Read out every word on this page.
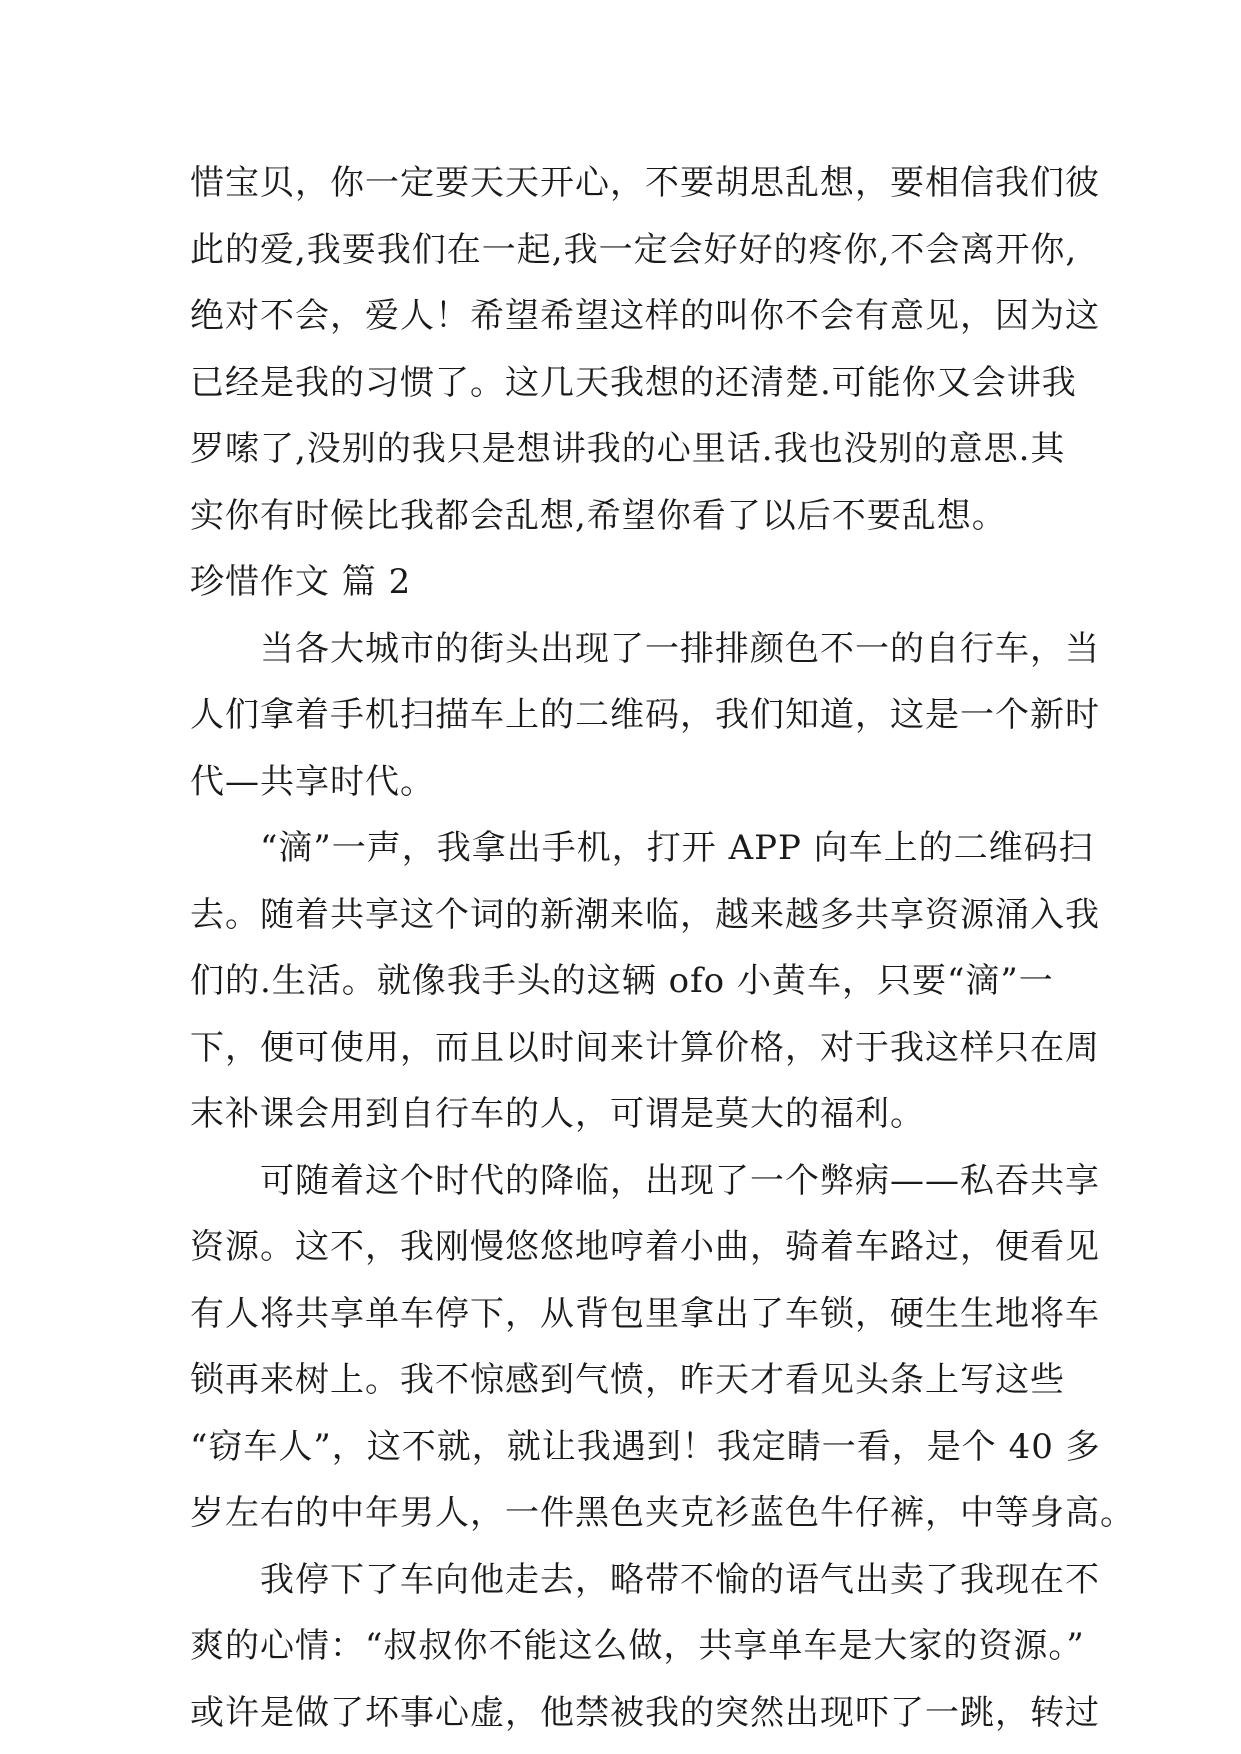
惜宝贝，你一定要天天开心，不要胡思乱想，要相信我们彼
此的爱,我要我们在一起,我一定会好好的疼你,不会离开你,
绝对不会，爱人！希望希望这样的叫你不会有意见，因为这
已经是我的习惯了。这几天我想的还清楚.可能你又会讲我
罗嗦了,没别的我只是想讲我的心里话.我也没别的意思.其
实你有时候比我都会乱想,希望你看了以后不要乱想。
珍惜作文 篇 2
当各大城市的街头出现了一排排颜色不一的自行车，当
人们拿着手机扫描车上的二维码，我们知道，这是一个新时
代—共享时代。
“滴”一声，我拿出手机，打开 APP 向车上的二维码扫
去。随着共享这个词的新潮来临，越来越多共享资源涌入我
们的.生活。就像我手头的这辆 ofo 小黄车，只要“滴”一
下，便可使用，而且以时间来计算价格，对于我这样只在周
末补课会用到自行车的人，可谓是莫大的福利。
可随着这个时代的降临，出现了一个弊病——私吞共享
资源。这不，我刚慢悠悠地哼着小曲，骑着车路过，便看见
有人将共享单车停下，从背包里拿出了车锁，硬生生地将车
锁再来树上。我不惊感到气愤，昨天才看见头条上写这些
“窃车人”，这不就，就让我遇到！我定睛一看，是个 40 多
岁左右的中年男人，一件黑色夹克衫蓝色牛仔裤，中等身高。
我停下了车向他走去，略带不愉的语气出卖了我现在不
爽的心情：“叔叔你不能这么做，共享单车是大家的资源。”
或许是做了坏事心虚，他禁被我的突然出现吓了一跳，转过
